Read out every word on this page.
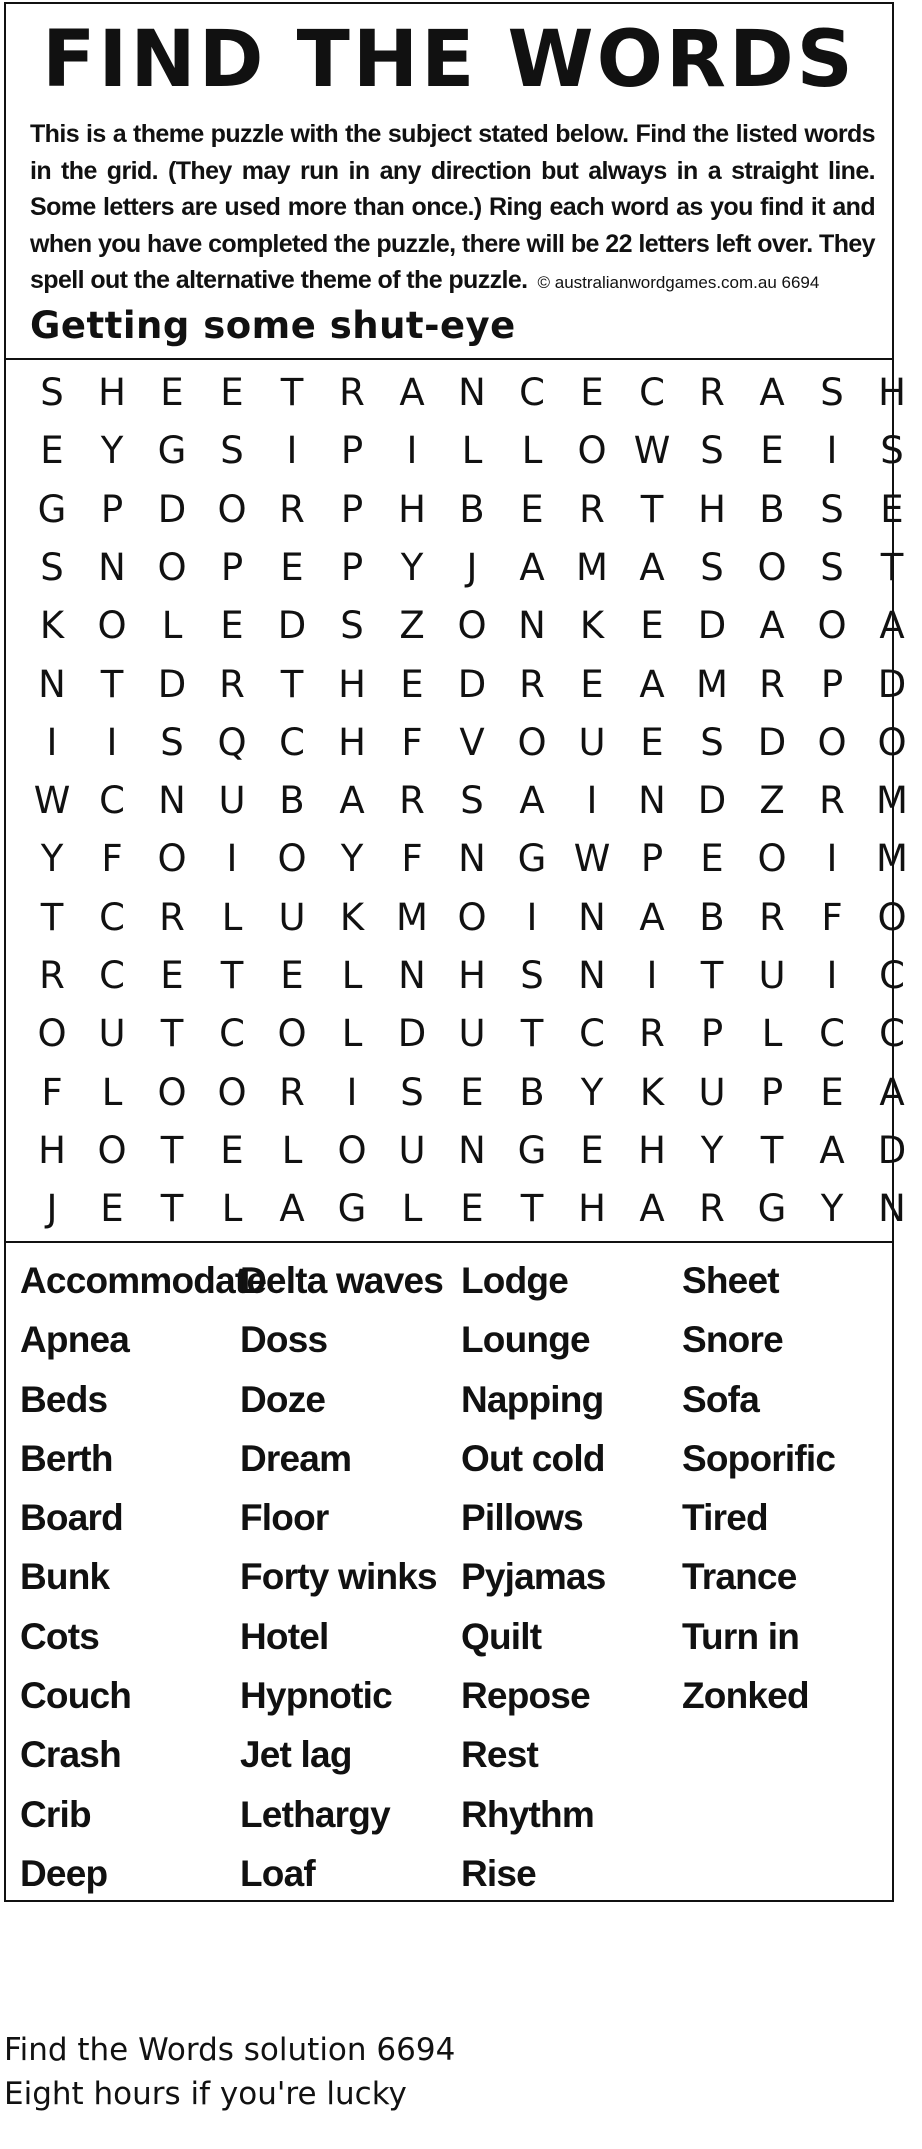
FIND THE WORDS

This is a theme puzzle with the subject stated below. Find the listed words in the grid. (They may run in any direction but always in a straight line. Some letters are used more than once.) Ring each word as you find it and when you have completed the puzzle, there will be 22 letters left over. They spell out the alternative theme of the puzzle. © australianwordgames.com.au 6694

Getting some shut-eye
S H E E	T R A N C E C R A S H
E	Y G S	I	P	I	L	L O W S E	I	S
G P D O R P H B E R T H B S E
S N O P	E	P	Y	J	A M A S O S T
K O L	E D S Z O N K E D A O A
N T D R T H E D R E A M R P D
I	I	S Q C H F V O U E S D O O
W C N U B A R S A	I	N D Z R M
Y	F O	I	O Y	F N G W P	E O	I	M
T C R L U K M O	I	N A B R F O
R C E	T	E	L N H S N	I	T U	I	C
O U T C O L D U T C R P	L C C
F	L O O R	I	S E B Y K U P	E A
H O T	E	L O U N G E H Y	T A D
J	E	T	L	A G L	E	T H A R G Y N
Accommodate
Apnea
Beds
Berth
Board
Bunk
Cots
Couch
Crash
Crib
Deep
Delta waves
Doss
Doze
Dream
Floor
Forty winks
Hotel
Hypnotic
Jet lag
Lethargy
Loaf
Lodge
Lounge
Napping
Out cold
Pillows
Pyjamas
Quilt
Repose
Rest
Rhythm
Rise
Sheet
Snore
Sofa
Soporific
Tired
Trance
Turn in
Zonked
Find the Words solution 6694
Eight hours if you're lucky
